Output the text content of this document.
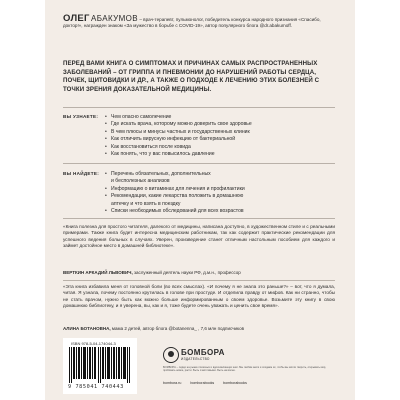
ОЛЕГ АБАКУМОВ – врач-терапевт, пульмонолог, победитель конкурса народного признания «Спасибо, доктор!», награжден знаком «За мужество в борьбе с COVID-19», автор популярного блога @dr.abakumoff.
ПЕРЕД ВАМИ КНИГА О СИМПТОМАХ И ПРИЧИНАХ САМЫХ РАСПРОСТРАНЕННЫХ ЗАБОЛЕВАНИЙ – ОТ ГРИППА И ПНЕВМОНИИ ДО НАРУШЕНИЙ РАБОТЫ СЕРДЦА, ПОЧЕК, ЩИТОВИДКИ И ДР., А ТАКЖЕ О ПОДХОДЕ К ЛЕЧЕНИЮ ЭТИХ БОЛЕЗНЕЙ С ТОЧКИ ЗРЕНИЯ ДОКАЗАТЕЛЬНОЙ МЕДИЦИНЫ.
ВЫ УЗНАЕТЕ: • Чем опасно самолечение
• Где искать врача, которому можно доверить свое здоровье
• В чем плюсы и минусы частных и государственных клиник
• Как отличить вирусную инфекцию от бактериальной
• Как восстановиться после ковида
• Как понять, что у вас повысилось давление
ВЫ НАЙДЕТЕ: • Перечень обязательных, дополнительных
и бесполезных анализов
• Информацию о витаминах для лечения и профилактики
• Рекомендации, какие лекарства положить в домашнюю
аптечку и что взять в поездку
• Списки необходимых обследований для всех возрастов
«Книга полезна для простого читателя, далекого от медицины, написана доступно, в художественном стиле и с реальными примерами. Также книга будет интересна медицинским работникам, так как содержит практические рекомендации для успешного ведения больных в случаях. Уверен, произведение станет отличным настольным пособием для каждого и займет достойное место в домашней библиотеке».
ВЕРТКИН АРКАДИЙ ЛЬВОВИЧ, заслуженный деятель науки РФ, д.м.н., профессор
«Эта книга избавила меня от головной боли (во всех смыслах). «И почему я не знала это раньше?» – вот, что я думала, читая. Я узнала, почему постоянно крутилась в голове при простуде. И отделила правду от мифов. Как ни странно, чтобы не стать врачом, нужно быть как можно больше информированным о своем здоровье. Возьмите эту книгу в свою домашнюю библиотеку, и я уверена, вы, как и я, тоже будете очень уважать и ценить свое время».
АЛИНА БОТАНОВНА, мама 2 детей, автор блога @botanenna_ , 7,6 млн подписчиков
ISBN 978-5-04-174044-3
9 785041 740443
БОМБОРА
ИЗДАТЕЛЬСТВО
БОМБОРА – лидер на рынке полезных и вдохновляющих книг. Мы любим книги и создаем их, чтобы вы могли творить, открывать мир, пробовать новое, расти. Быть счастливыми. Быть на волне.
bombora.ru	bomborabooks	bomborabooks
